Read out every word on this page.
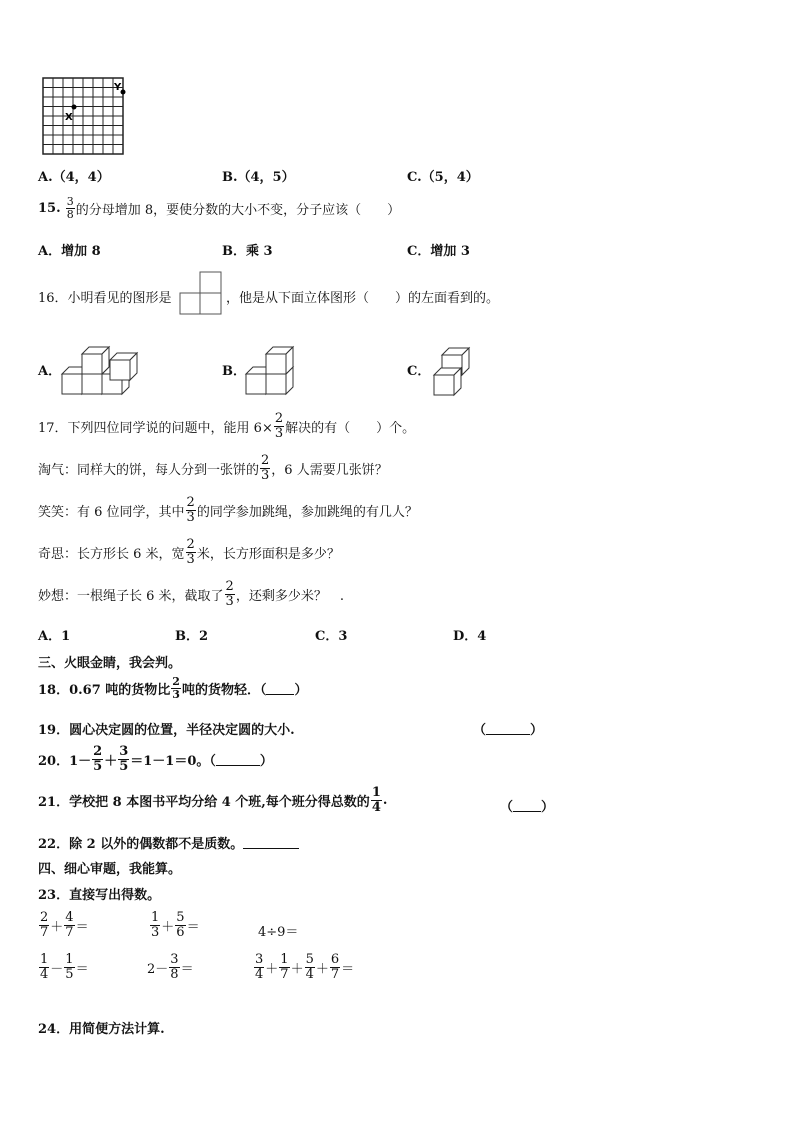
X
Y
A.（4，4）	B.（4，5）	C.（5，4）
15.
$\frac{3}{8}$ 的分母增加 8，要使分数的大小不变，分子应该（　　）
A．增加 8	B．乘 3	C．增加 3
16．小明看见的图形是	，他是从下面立体图形（　　）的左面看到的。
A．	B．	C．
17．下列四位同学说的问题中，能用 $6\times \frac{2}{3}$ 解决的有（　　）个。
淘气：同样大的饼，每人分到一张饼的 $\frac{2}{3}$ ，6 人需要几张饼？
笑笑：有 6 位同学，其中 $\frac{2}{3}$ 的同学参加跳绳，参加跳绳的有几人？
奇思：长方形长 6 米，宽 $\frac{2}{3}$ 米，长方形面积是多少？
妙想：一根绳子长 6 米，截取了 $\frac{2}{3}$ ，还剩多少米？　.
A．1	B．2	C．3	D．4
三、火眼金睛，我会判。
18．0.67 吨的货物比 $\frac{2}{3}$ 吨的货物轻．（ ）
19．圆心决定圆的位置，半径决定圆的大小.	（	）
20．$1- \frac{2}{5} + \frac{3}{5} =1-1=0$。（	）
21．学校把 8 本图书平均分给 4 个班,每个班分得总数的 $\frac{1}{4}$ .	（ ）
22．除 2 以外的偶数都不是质数。
四、细心审题，我能算。
23．直接写出得数。
$\frac{2}{7} + \frac{4}{7}$ ＝	$\frac{1}{3} + \frac{5}{6}$ ＝	4÷9＝
$\frac{1}{4} - \frac{1}{5}$ ＝	$2- \frac{3}{8}$ ＝	$\frac{3}{4} + \frac{1}{7} + \frac{5}{4} + \frac{6}{7}$ ＝
24．用简便方法计算.
